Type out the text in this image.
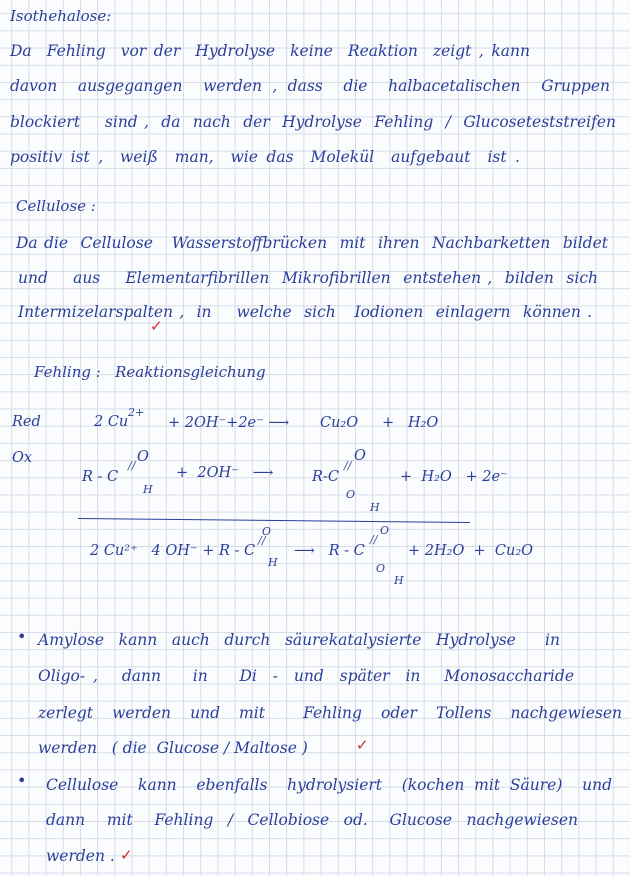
Isothehalose:
Da  Fehling  vor der  Hydrolyse  keine  Reaktion  zeigt , kann
davon  ausgegangen  werden , dass  die  halbacetalischen  Gruppen
blockiert    sind ,  da  nach  der  Hydrolyse  Fehling  /  Glucoseteststreifen
positiv ist ,  weiß  man,  wie das  Molekül  aufgebaut  ist .
Cellulose :
Da die  Cellulose   Wasserstoffbrücken  mit  ihren  Nachbarketten  bildet
und    aus    Elementarfibrillen  Mikrofibrillen  entstehen ,  bilden  sich
Intermizelarspalten ,  in    welche  sich   Iodionen  einlagern  können .
✓
Fehling :   Reaktionsgleichung
Red	2 Cu
2+
+ 2OH⁻+2e⁻ ⟶ Cu₂O +   H₂O
Ox
R - C
//
O
H
+  2OH⁻   ⟶	R-C
//
O
O
H
+  H₂O   + 2e⁻
2 Cu²⁺   4 OH⁻ + R - C
//
O
H
⟶   R - C
//
O
O
H
+ 2H₂O  +  Cu₂O
• Amylose  kann  auch  durch  säurekatalysierte  Hydrolyse    in
Oligo- ,   dann    in    Di  -  und  später  in   Monosaccharide
zerlegt  werden  und  mit    Fehling  oder  Tollens  nachgewiesen
werden   ( die  Glucose / Maltose )	✓
• Cellulose  kann  ebenfalls  hydrolysiert  (kochen mit Säure)  und
dann   mit   Fehling  /  Cellobiose  od.   Glucose  nachgewiesen
werden . ✓
